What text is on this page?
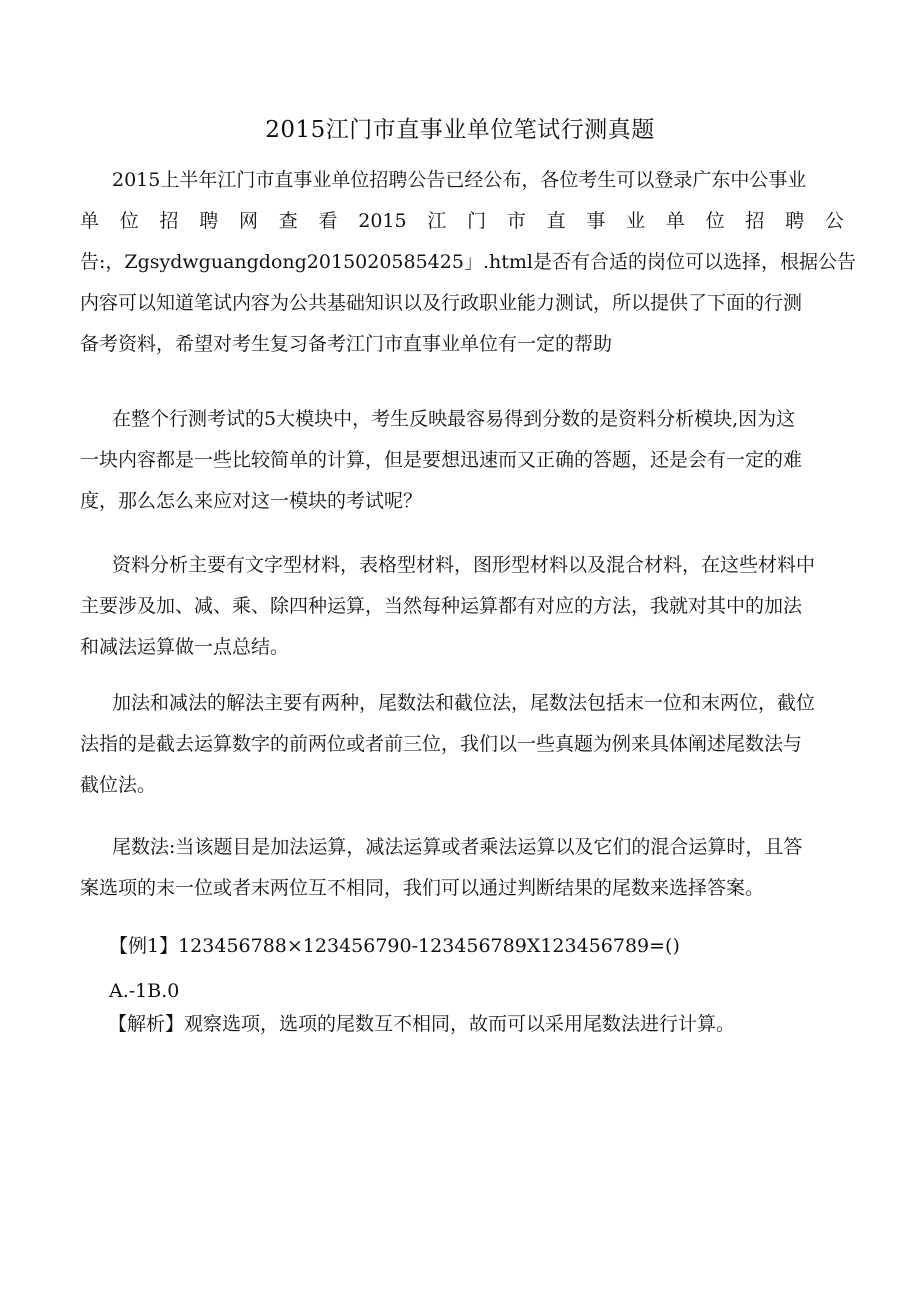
2015江门市直事业单位笔试行测真题
2015上半年江门市直事业单位招聘公告已经公布，各位考生可以登录广东中公事业
单 位 招 聘 网 查 看 2015 江 门 市 直 事 业 单 位 招 聘 公
告:，Zgsydwguangdong2015020585425」.html是否有合适的岗位可以选择，根据公告
内容可以知道笔试内容为公共基础知识以及行政职业能力测试，所以提供了下面的行测
备考资料，希望对考生复习备考江门市直事业单位有一定的帮助
在整个行测考试的5大模块中，考生反映最容易得到分数的是资料分析模块,因为这
一块内容都是一些比较简单的计算，但是要想迅速而又正确的答题，还是会有一定的难
度，那么怎么来应对这一模块的考试呢？
资料分析主要有文字型材料，表格型材料，图形型材料以及混合材料，在这些材料中
主要涉及加、减、乘、除四种运算，当然每种运算都有对应的方法，我就对其中的加法
和减法运算做一点总结。
加法和减法的解法主要有两种，尾数法和截位法，尾数法包括末一位和末两位，截位
法指的是截去运算数字的前两位或者前三位，我们以一些真题为例来具体阐述尾数法与
截位法。
尾数法:当该题目是加法运算，减法运算或者乘法运算以及它们的混合运算时，且答
案选项的末一位或者末两位互不相同，我们可以通过判断结果的尾数来选择答案。

【例1】123456788×123456790-123456789X123456789=()

A.-1B.0

【解析】观察选项，选项的尾数互不相同，故而可以采用尾数法进行计算。
